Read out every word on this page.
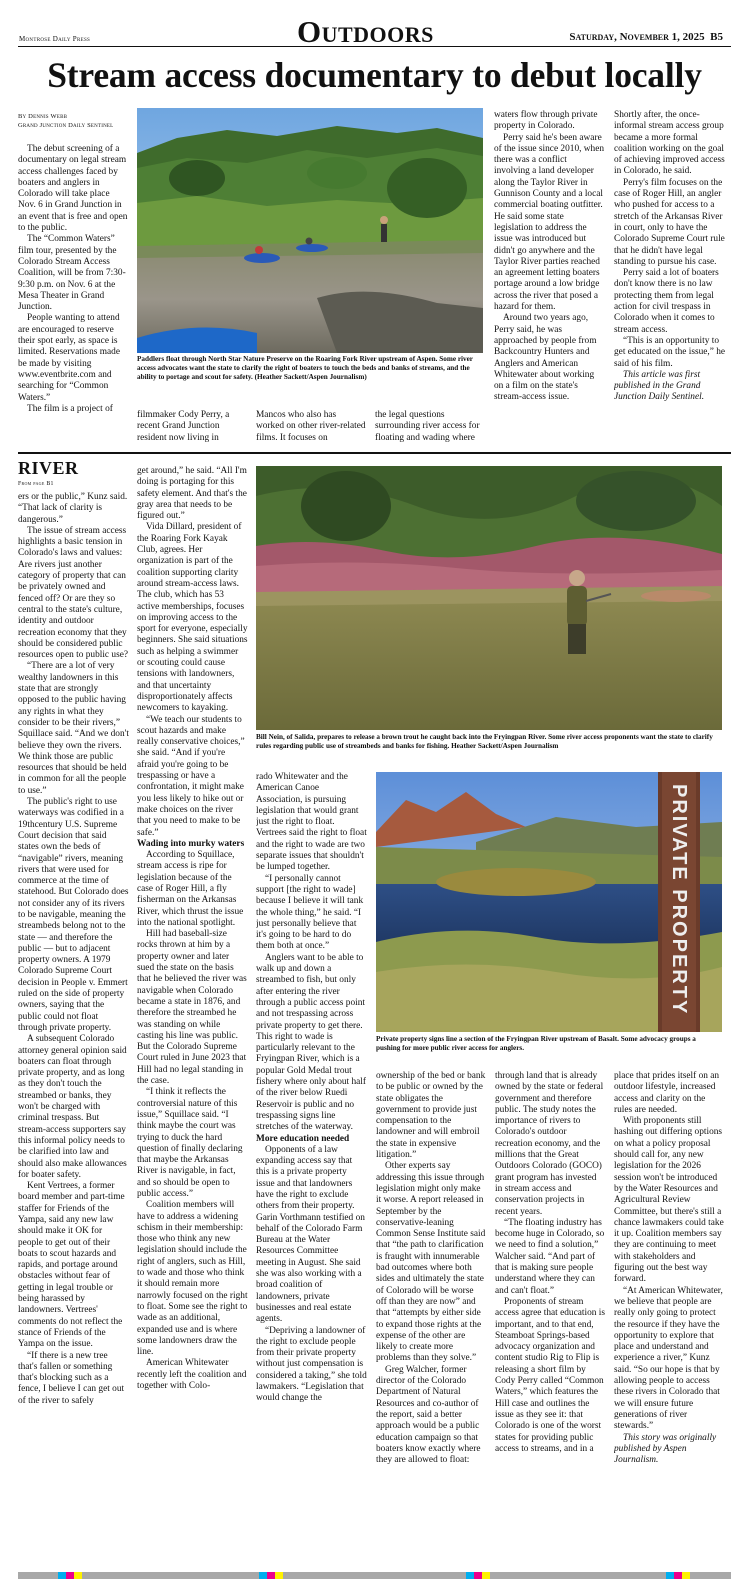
Montrose Daily Press	Outdoors	Saturday, November 1, 2025 B5
Stream access documentary to debut locally
By Dennis Webb
Grand Junction Daily Sentinel

The debut screening of a documentary on legal stream access challenges faced by boaters and anglers in Colorado will take place Nov. 6 in Grand Junction in an event that is free and open to the public.

The “Common Waters” film tour, presented by the Colorado Stream Access Coalition, will be from 7:30-9:30 p.m. on Nov. 6 at the Mesa Theater in Grand Junction.

People wanting to attend are encouraged to reserve their spot early, as space is limited. Reservations made be made by visiting www.eventbrite.com and searching for “Common Waters.”

The film is a project of

Paddlers float through North Star Nature Preserve on the Roaring Fork River upstream of Aspen. Some river access advocates want the state to clarify the right of boaters to touch the beds and banks of streams, and the ability to portage and scout for safety. (Heather Sackett/Aspen Journalism)

filmmaker Cody Perry, a recent Grand Junction resident now living in

Mancos who also has worked on other river-related films. It focuses on

the legal questions surrounding river access for floating and wading where

waters flow through private property in Colorado.

Perry said he's been aware of the issue since 2010, when there was a conflict involving a land developer along the Taylor River in Gunnison County and a local commercial boating outfitter. He said some state legislation to address the issue was introduced but didn't go anywhere and the Taylor River parties reached an agreement letting boaters portage around a low bridge across the river that posed a hazard for them.

Around two years ago, Perry said, he was approached by people from Backcountry Hunters and Anglers and American Whitewater about working on a film on the state's stream-access issue.

Shortly after, the once-informal stream access group became a more formal coalition working on the goal of achieving improved access in Colorado, he said.

Perry's film focuses on the case of Roger Hill, an angler who pushed for access to a stretch of the Arkansas River in court, only to have the Colorado Supreme Court rule that he didn't have legal standing to pursue his case.

Perry said a lot of boaters don't know there is no law protecting them from legal action for civil trespass in Colorado when it comes to stream access.

“This is an opportunity to get educated on the issue,” he said of his film.

This article was first published in the Grand Junction Daily Sentinel.

RIVER
From page B1

ers or the public,” Kunz said. “That lack of clarity is dangerous.”

The issue of stream access highlights a basic tension in Colorado's laws and values: Are rivers just another category of property that can be privately owned and fenced off? Or are they so central to the state's culture, identity and outdoor recreation economy that they should be considered public resources open to public use?

“There are a lot of very wealthy landowners in this state that are strongly opposed to the public having any rights in what they consider to be their rivers,” Squillace said. “And we don't believe they own the rivers. We think those are public resources that should be held in common for all the people to use.”

The public's right to use waterways was codified in a 19thcentury U.S. Supreme Court decision that said states own the beds of “navigable” rivers, meaning rivers that were used for commerce at the time of statehood. But Colorado does not consider any of its rivers to be navigable, meaning the streambeds belong not to the state — and therefore the public — but to adjacent property owners. A 1979 Colorado Supreme Court decision in People v. Emmert ruled on the side of property owners, saying that the public could not float through private property.

A subsequent Colorado attorney general opinion said boaters can float through private property, and as long as they don't touch the streambed or banks, they won't be charged with criminal trespass. But stream-access supporters say this informal policy needs to be clarified into law and should also make allowances for boater safety.

Kent Vertrees, a former board member and part-time staffer for Friends of the Yampa, said any new law should make it OK for people to get out of their boats to scout hazards and rapids, and portage around obstacles without fear of getting in legal trouble or being harassed by landowners. Vertrees' comments do not reflect the stance of Friends of the Yampa on the issue.

“If there is a new tree that's fallen or something that's blocking such as a fence, I believe I can get out of the river to safely

get around,” he said. “All I'm doing is portaging for this safety element. And that's the gray area that needs to be figured out.”

Vida Dillard, president of the Roaring Fork Kayak Club, agrees. Her organization is part of the coalition supporting clarity around stream-access laws. The club, which has 53 active memberships, focuses on improving access to the sport for everyone, especially beginners. She said situations such as helping a swimmer or scouting could cause tensions with landowners, and that uncertainty disproportionately affects newcomers to kayaking.

“We teach our students to scout hazards and make really conservative choices,” she said. “And if you're afraid you're going to be trespassing or have a confrontation, it might make you less likely to hike out or make choices on the river that you need to make to be safe.”

Wading into murky waters

According to Squillace, stream access is ripe for legislation because of the case of Roger Hill, a fly fisherman on the Arkansas River, which thrust the issue into the national spotlight.

Hill had baseball-size rocks thrown at him by a property owner and later sued the state on the basis that he believed the river was navigable when Colorado became a state in 1876, and therefore the streambed he was standing on while casting his line was public. But the Colorado Supreme Court ruled in June 2023 that Hill had no legal standing in the case.

“I think it reflects the controversial nature of this issue,” Squillace said. “I think maybe the court was trying to duck the hard question of finally declaring that maybe the Arkansas River is navigable, in fact, and so should be open to public access.”

Coalition members will have to address a widening schism in their membership: those who think any new legislation should include the right of anglers, such as Hill, to wade and those who think it should remain more narrowly focused on the right to float. Some see the right to wade as an additional, expanded use and is where some landowners draw the line.

American Whitewater recently left the coalition and together with Colo-

Bill Nein, of Salida, prepares to release a brown trout he caught back into the Fryingpan River. Some river access proponents want the state to clarify rules regarding public use of streambeds and banks for fishing. Heather Sackett/Aspen Journalism

rado Whitewater and the American Canoe Association, is pursuing legislation that would grant just the right to float. Vertrees said the right to float and the right to wade are two separate issues that shouldn't be lumped together.

“I personally cannot support [the right to wade] because I believe it will tank the whole thing,” he said. “I just personally believe that it's going to be hard to do them both at once.”

Anglers want to be able to walk up and down a streambed to fish, but only after entering the river through a public access point and not trespassing across private property to get there. This right to wade is particularly relevant to the Fryingpan River, which is a popular Gold Medal trout fishery where only about half of the river below Ruedi Reservoir is public and no trespassing signs line stretches of the waterway.

More education needed

Opponents of a law expanding access say that this is a private property issue and that landowners have the right to exclude others from their property. Garin Vorthmann testified on behalf of the Colorado Farm Bureau at the Water Resources Committee meeting in August. She said she was also working with a broad coalition of landowners, private businesses and real estate agents.

“Depriving a landowner of the right to exclude people from their private property without just compensation is considered a taking,” she told lawmakers. “Legislation that would change the

PRIVATE PROPERTY
Private property signs line a section of the Fryingpan River upstream of Basalt. Some advocacy groups a pushing for more public river access for anglers.

ownership of the bed or bank to be public or owned by the state obligates the government to provide just compensation to the landowner and will embroil the state in expensive litigation.”

Other experts say addressing this issue through legislation might only make it worse. A report released in September by the conservative-leaning Common Sense Institute said that “the path to clarification is fraught with innumerable bad outcomes where both sides and ultimately the state of Colorado will be worse off than they are now” and that “attempts by either side to expand those rights at the expense of the other are likely to create more problems than they solve.”

Greg Walcher, former director of the Colorado Department of Natural Resources and co-author of the report, said a better approach would be a public education campaign so that boaters know exactly where they are allowed to float:

through land that is already owned by the state or federal government and therefore public. The study notes the importance of rivers to Colorado's outdoor recreation economy, and the millions that the Great Outdoors Colorado (GOCO) grant program has invested in stream access and conservation projects in recent years.

“The floating industry has become huge in Colorado, so we need to find a solution,” Walcher said. “And part of that is making sure people understand where they can and can't float.”

Proponents of stream access agree that education is important, and to that end, Steamboat Springs-based advocacy organization and content studio Rig to Flip is releasing a short film by Cody Perry called “Common Waters,” which features the Hill case and outlines the issue as they see it: that Colorado is one of the worst states for providing public access to streams, and in a

place that prides itself on an outdoor lifestyle, increased access and clarity on the rules are needed.

With proponents still hashing out differing options on what a policy proposal should call for, any new legislation for the 2026 session won't be introduced by the Water Resources and Agricultural Review Committee, but there's still a chance lawmakers could take it up. Coalition members say they are continuing to meet with stakeholders and figuring out the best way forward.

“At American Whitewater, we believe that people are really only going to protect the resource if they have the opportunity to explore that place and understand and experience a river,” Kunz said. “So our hope is that by allowing people to access these rivers in Colorado that we will ensure future generations of river stewards.”

This story was originally published by Aspen Journalism.
